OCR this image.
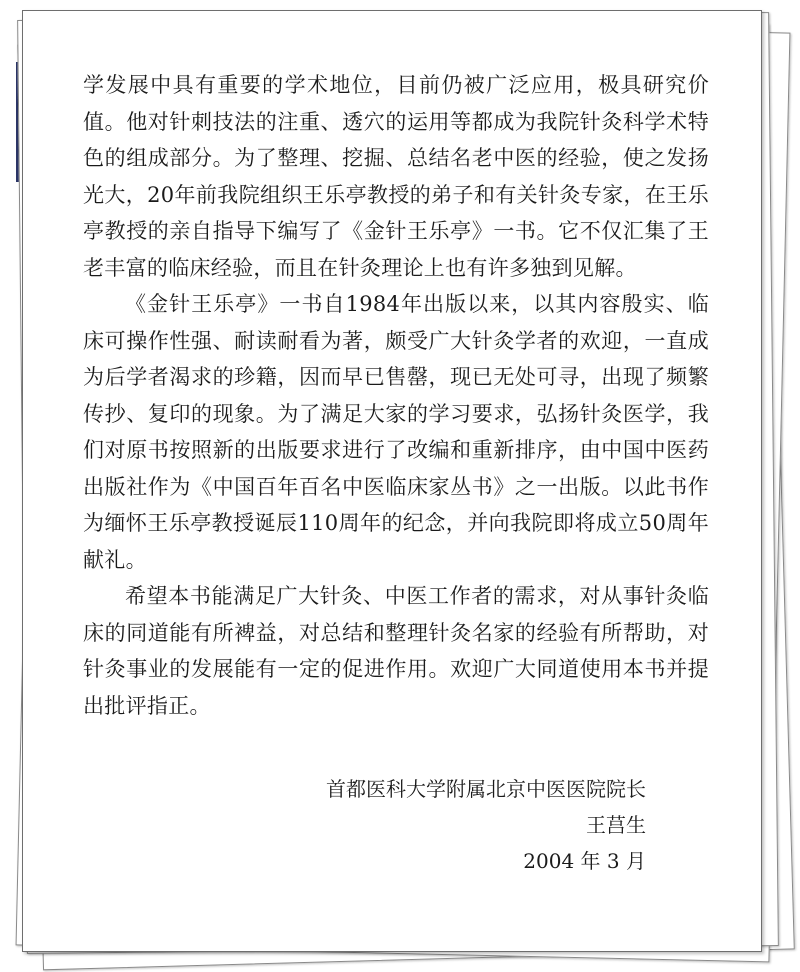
学发展中具有重要的学术地位，目前仍被广泛应用，极具研究价值。他对针刺技法的注重、透穴的运用等都成为我院针灸科学术特色的组成部分。为了整理、挖掘、总结名老中医的经验，使之发扬光大，20年前我院组织王乐亭教授的弟子和有关针灸专家，在王乐亭教授的亲自指导下编写了《金针王乐亭》一书。它不仅汇集了王老丰富的临床经验，而且在针灸理论上也有许多独到见解。

《金针王乐亭》一书自1984年出版以来，以其内容殷实、临床可操作性强、耐读耐看为著，颇受广大针灸学者的欢迎，一直成为后学者渴求的珍籍，因而早已售罄，现已无处可寻，出现了频繁传抄、复印的现象。为了满足大家的学习要求，弘扬针灸医学，我们对原书按照新的出版要求进行了改编和重新排序，由中国中医药出版社作为《中国百年百名中医临床家丛书》之一出版。以此书作为缅怀王乐亭教授诞辰110周年的纪念，并向我院即将成立50周年献礼。

希望本书能满足广大针灸、中医工作者的需求，对从事针灸临床的同道能有所裨益，对总结和整理针灸名家的经验有所帮助，对针灸事业的发展能有一定的促进作用。欢迎广大同道使用本书并提出批评指正。

首都医科大学附属北京中医医院院长
王莒生
2004 年 3 月
